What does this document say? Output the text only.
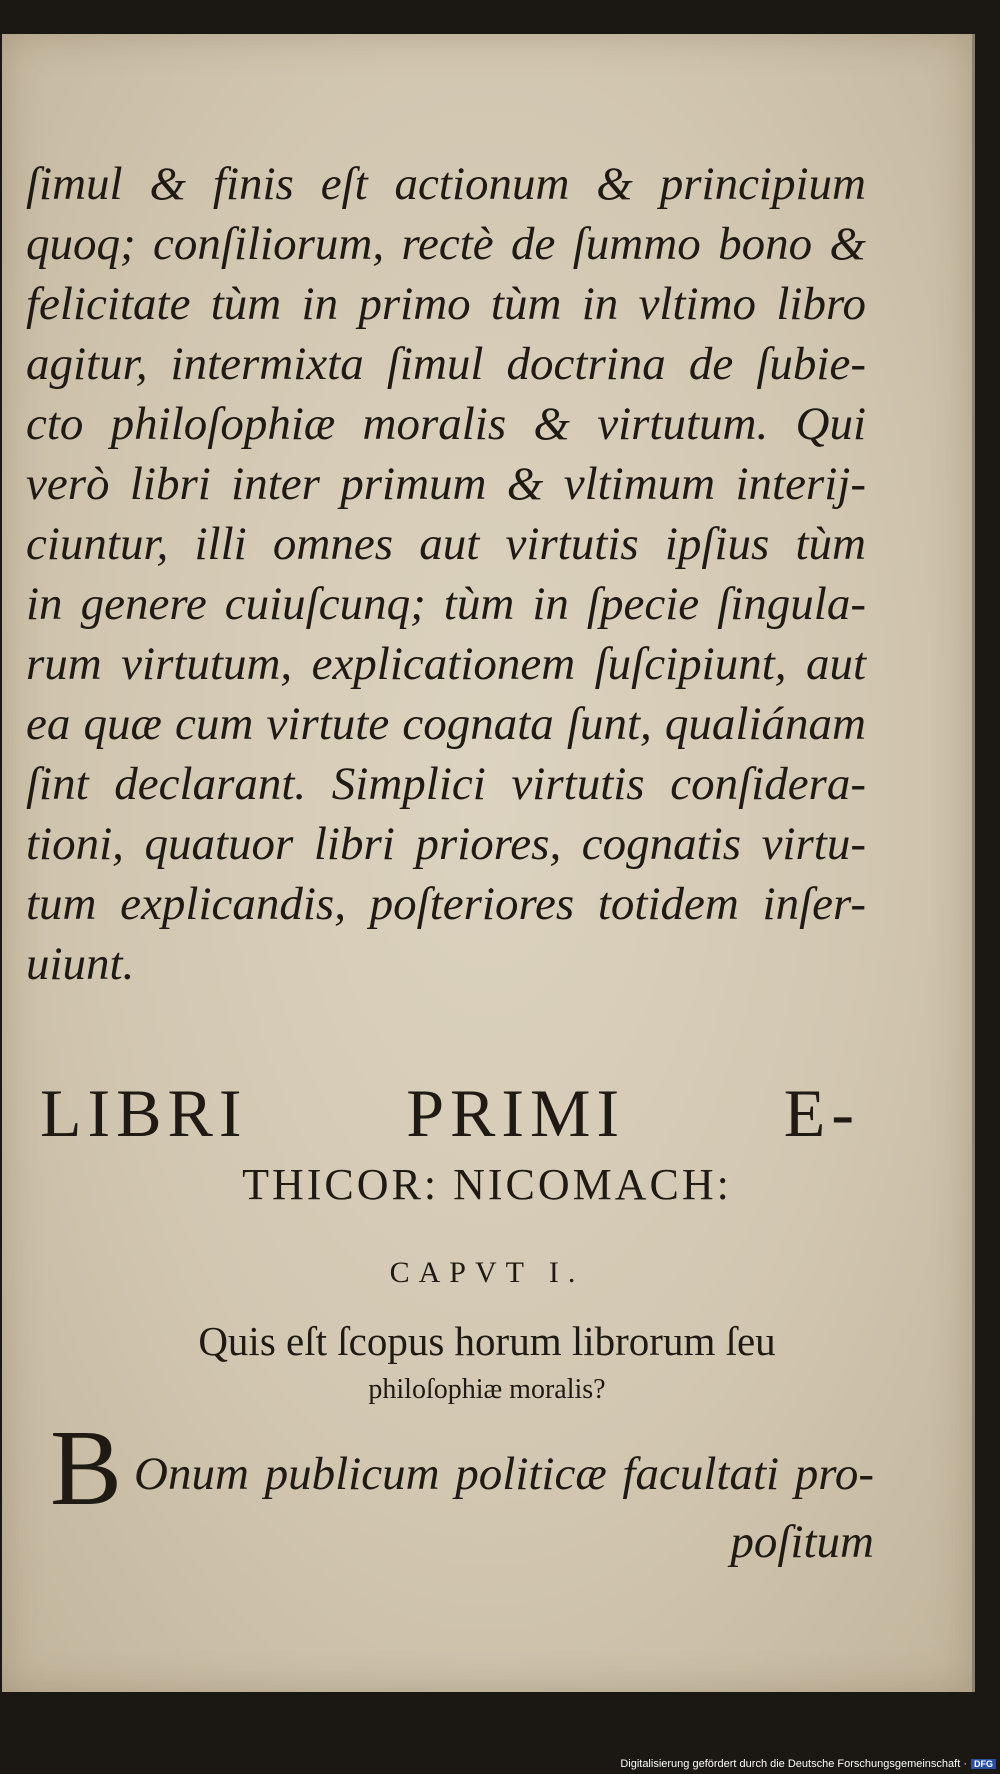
ſimul & finis eſt actionum & principium
quoq; conſiliorum, rectè de ſummo bono &
felicitate tùm in primo tùm in vltimo libro
agitur, intermixta ſimul doctrina de ſubie-
cto philoſophiæ moralis & virtutum. Qui
verò libri inter primum & vltimum interij-
ciuntur, illi omnes aut virtutis ipſius tùm
in genere cuiuſcunq; tùm in ſpecie ſingula-
rum virtutum, explicationem ſuſcipiunt, aut
ea quæ cum virtute cognata ſunt, qualiánam
ſint declarant. Simplici virtutis conſidera-
tioni, quatuor libri priores, cognatis virtu-
tum explicandis, poſteriores totidem inſer-
uiunt.
LIBRI PRIMI E-
THICOR: NICOMACH:
CAPVT I.
Quis eſt ſcopus horum librorum ſeu
philoſophiæ moralis?
B Onum publicum politicæ facultati pro-
poſitum
Digitalisierung gefördert durch die Deutsche Forschungsgemeinschaft · DFG
